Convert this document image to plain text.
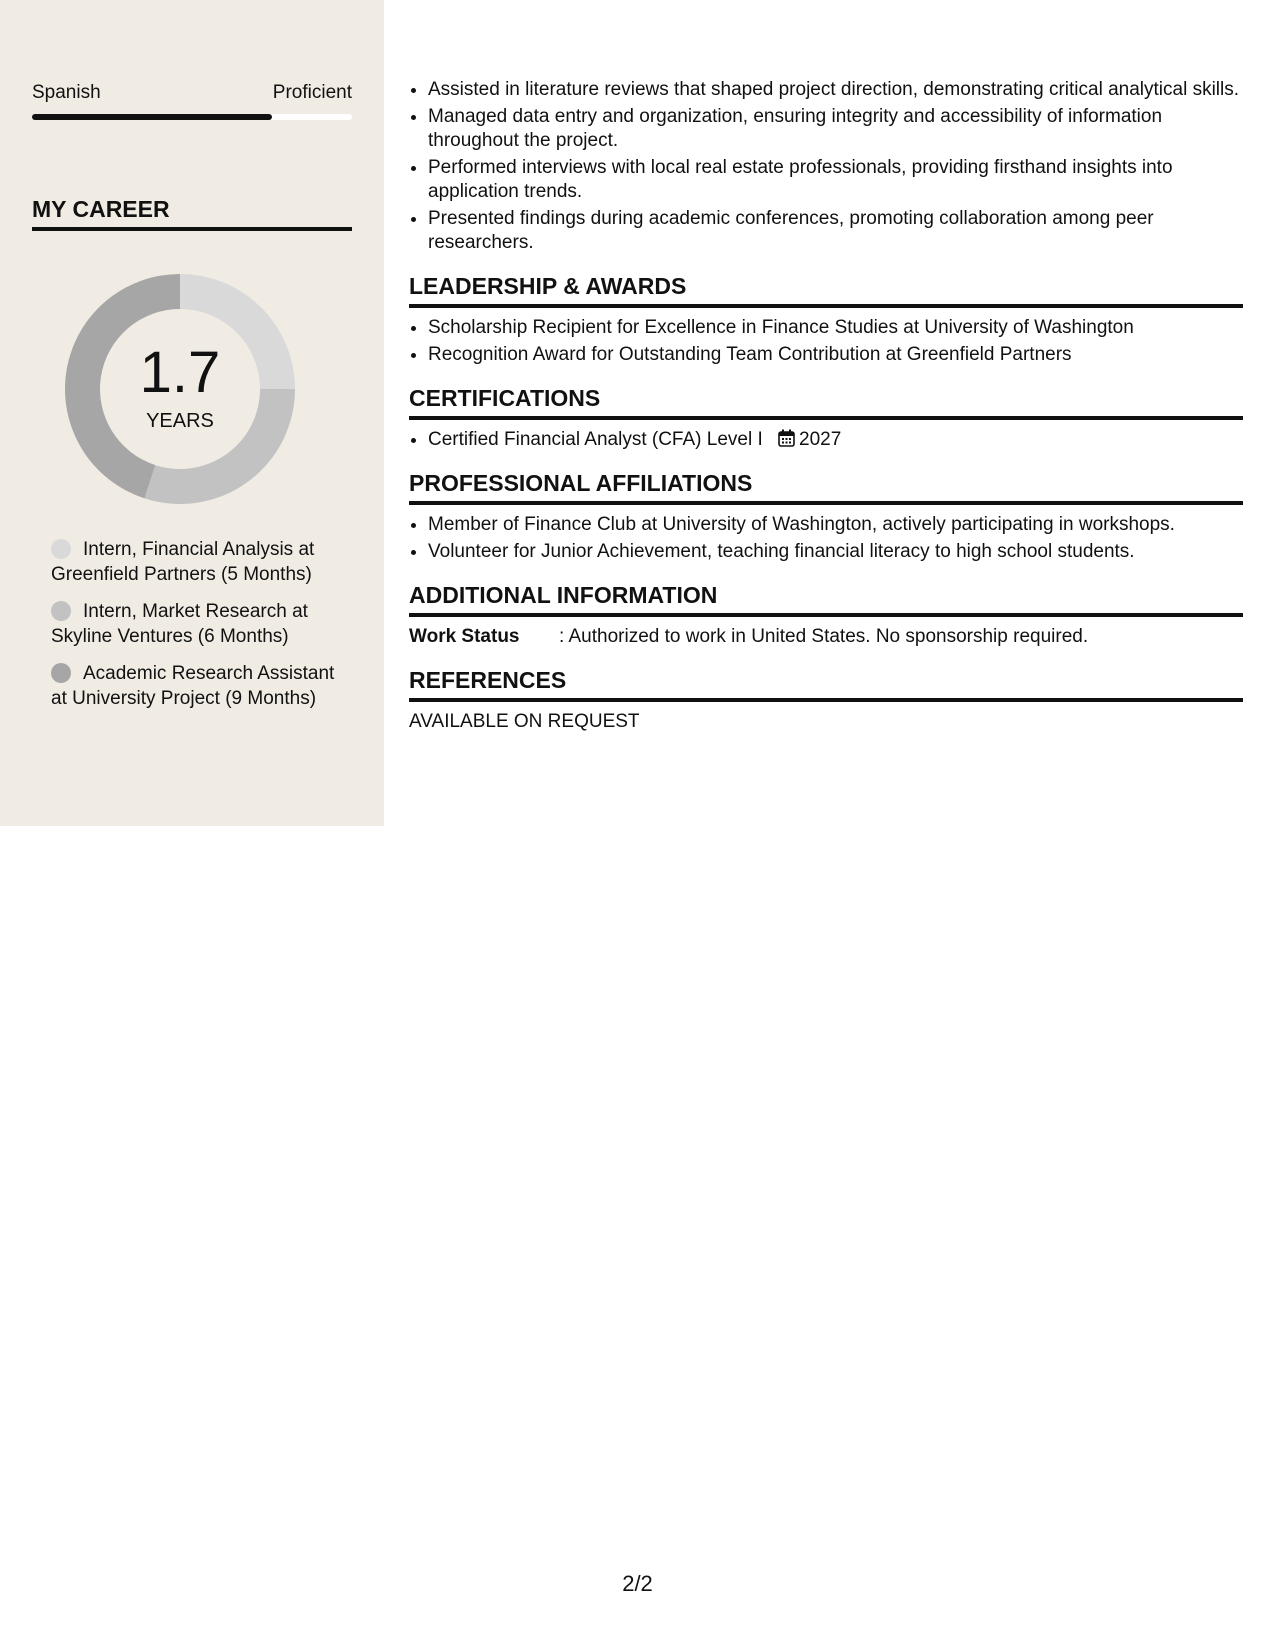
Spanish	Proficient
MY CAREER
1.7
YEARS
Intern, Financial Analysis at Greenfield Partners (5 Months)
Intern, Market Research at Skyline Ventures (6 Months)
Academic Research Assistant at University Project (9 Months)
• Assisted in literature reviews that shaped project direction, demonstrating critical analytical skills.
• Managed data entry and organization, ensuring integrity and accessibility of information throughout the project.
• Performed interviews with local real estate professionals, providing firsthand insights into application trends.
• Presented findings during academic conferences, promoting collaboration among peer researchers.
LEADERSHIP & AWARDS
• Scholarship Recipient for Excellence in Finance Studies at University of Washington
• Recognition Award for Outstanding Team Contribution at Greenfield Partners
CERTIFICATIONS
• Certified Financial Analyst (CFA) Level I 2027
PROFESSIONAL AFFILIATIONS
• Member of Finance Club at University of Washington, actively participating in workshops.
• Volunteer for Junior Achievement, teaching financial literacy to high school students.
ADDITIONAL INFORMATION
Work Status	: Authorized to work in United States. No sponsorship required.
REFERENCES
AVAILABLE ON REQUEST
2/2
